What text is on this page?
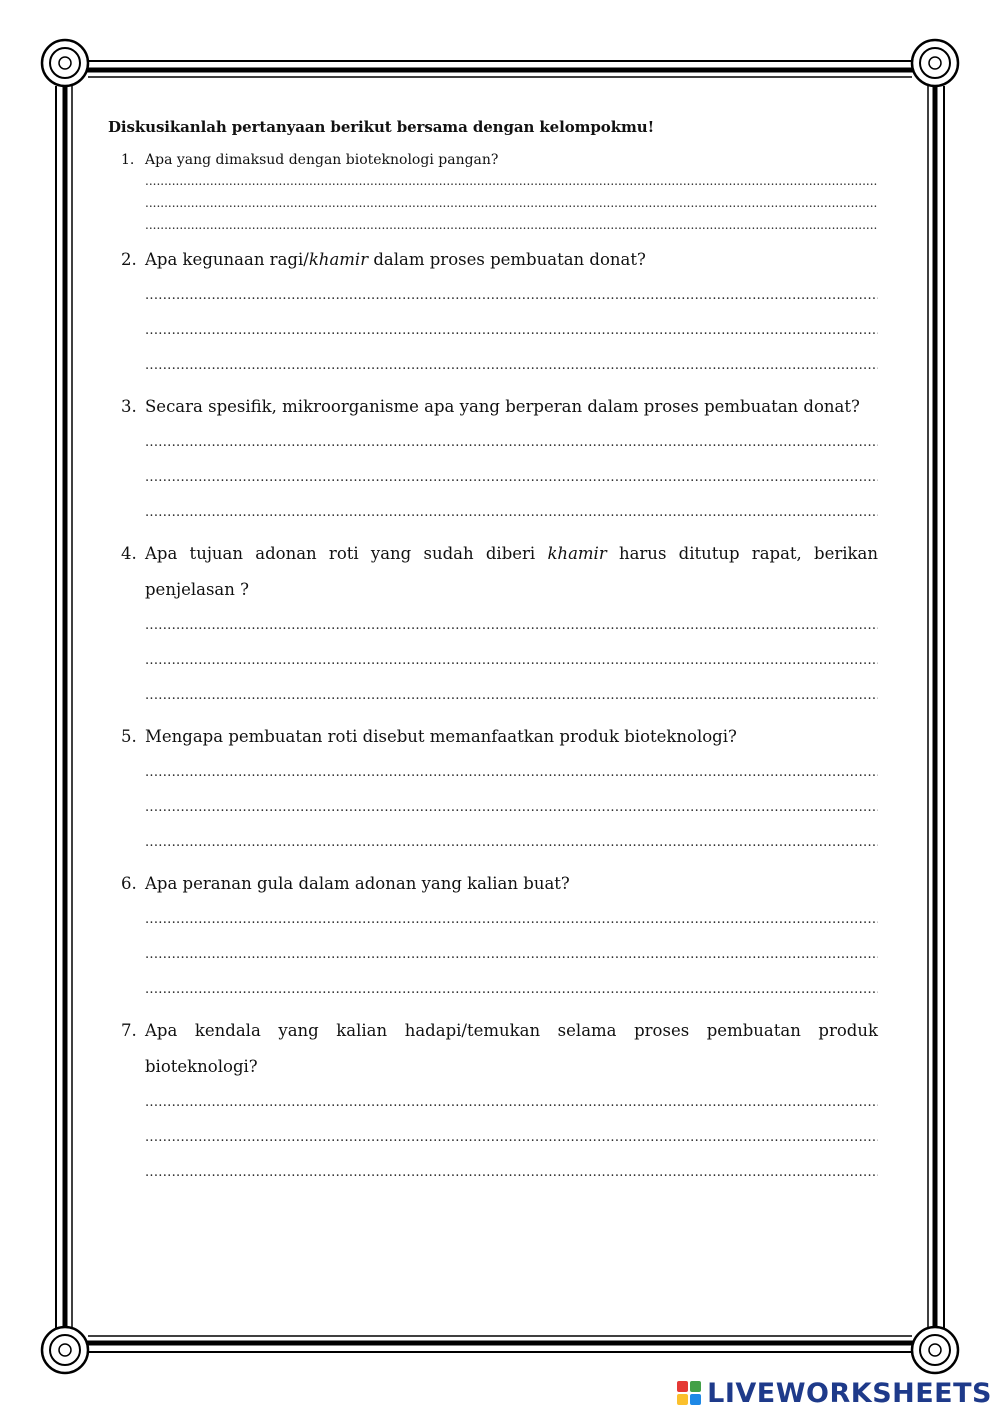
Diskusikanlah pertanyaan berikut bersama dengan kelompokmu!

1. Apa yang dimaksud dengan bioteknologi pangan?
.....
.....
.....
2. Apa kegunaan ragi/khamir dalam proses pembuatan donat?
.....
.....
.....
3. Secara spesifik, mikroorganisme apa yang berperan dalam proses pembuatan donat?
.....
.....
.....
4. Apa tujuan adonan roti yang sudah diberi khamir harus ditutup rapat, berikan penjelasan ?
.....
.....
.....
5. Mengapa pembuatan roti disebut memanfaatkan produk bioteknologi?
.....
.....
.....
6. Apa peranan gula dalam adonan yang kalian buat?
.....
.....
.....
7. Apa kendala yang kalian hadapi/temukan selama proses pembuatan produk bioteknologi?
.....
.....
.....
LIVEWORKSHEETS
